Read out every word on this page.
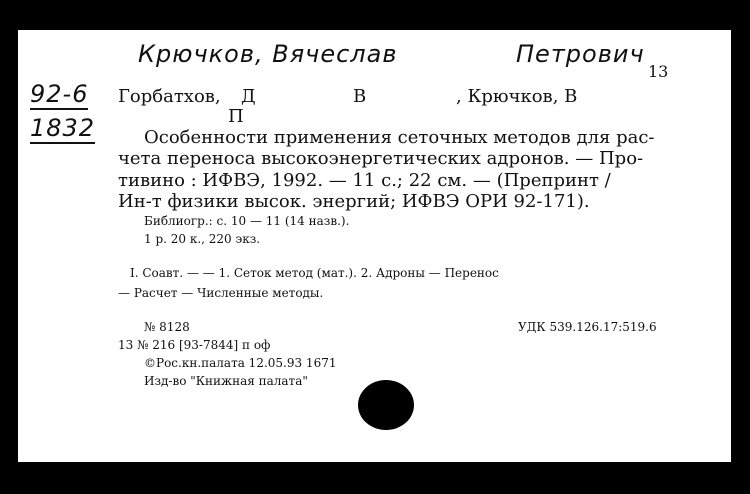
Крючков, Вячеслав	Петрович
92-6
1832
13
Горбатхов, Д	В	, Крючков, В
П
Особенности применения сеточных методов для рас-
чета переноса высокоэнергетических адронов. — Про-
тивино : ИФВЭ, 1992. — 11 с.; 22 см. — (Препринт /
Ин-т физики высок. энергий; ИФВЭ ОРИ 92-171).
Библиогр.: с. 10 — 11 (14 назв.).
1 р. 20 к., 220 экз.
I. Соавт. — — 1. Сеток метод (мат.). 2. Адроны — Перенос
— Расчет — Численные методы.
№ 8128	УДК 539.126.17:519.6
13 № 216 [93-7844] п оф
©Рос.кн.палата 12.05.93 1671
Изд-во "Книжная палата"
